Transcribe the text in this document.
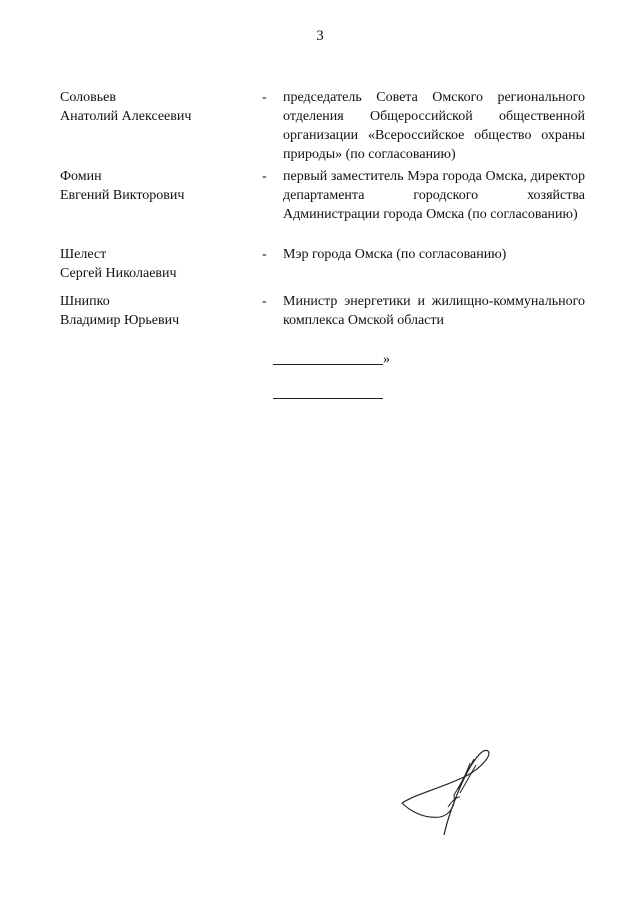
3
Соловьев
Анатолий Алексеевич
- председатель Совета Омского регионального отделения Общероссийской общественной организации «Всероссийское общество охраны природы» (по согласованию)
Фомин
Евгений Викторович
- первый заместитель Мэра города Омска, директор департамента городского хозяйства Администрации города Омска (по согласованию)
Шелест
Сергей Николаевич
- Мэр города Омска (по согласованию)
Шнипко
Владимир Юрьевич
- Министр энергетики и жилищно-коммунального комплекса Омской области
»
